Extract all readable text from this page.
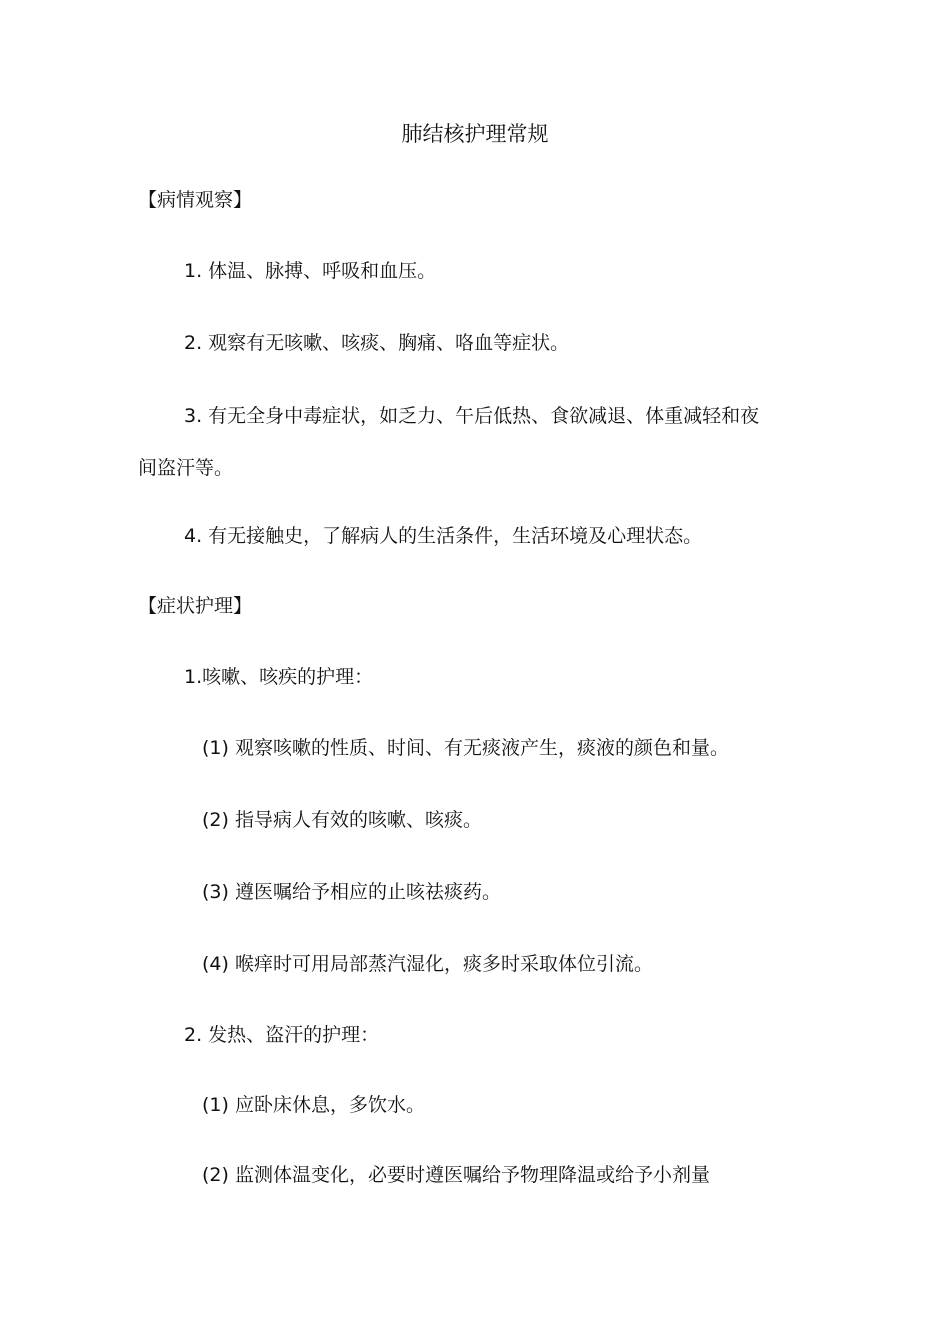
肺结核护理常规
【病情观察】
1. 体温、脉搏、呼吸和血压。
2. 观察有无咳嗽、咳痰、胸痛、咯血等症状。
3. 有无全身中毒症状，如乏力、午后低热、食欲减退、体重减轻和夜
间盗汗等。
4. 有无接触史，了解病人的生活条件，生活环境及心理状态。
【症状护理】
1.咳嗽、咳疾的护理：
(1) 观察咳嗽的性质、时间、有无痰液产生，痰液的颜色和量。
(2) 指导病人有效的咳嗽、咳痰。
(3) 遵医嘱给予相应的止咳祛痰药。
(4) 喉痒时可用局部蒸汽湿化，痰多时采取体位引流。
2. 发热、盗汗的护理：
(1) 应卧床休息，多饮水。
(2) 监测体温变化，必要时遵医嘱给予物理降温或给予小剂量
